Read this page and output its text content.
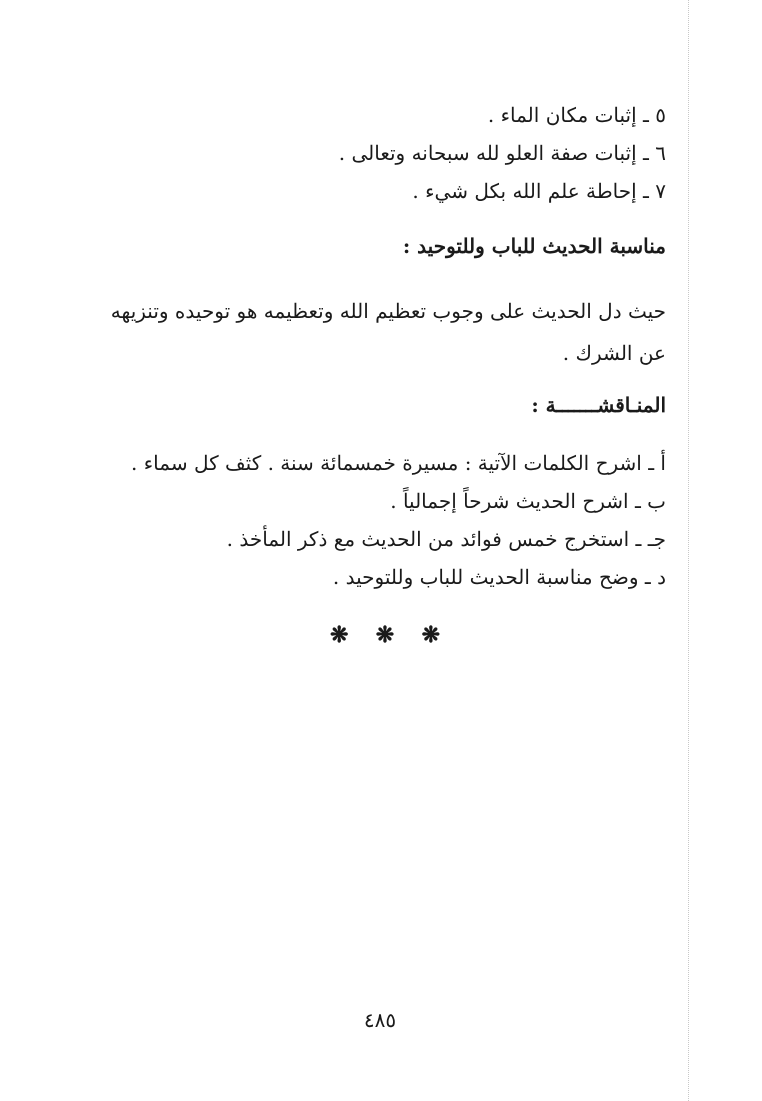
٥ ـ إثبات مكان الماء .
٦ ـ إثبات صفة العلو لله سبحانه وتعالى .
٧ ـ إحاطة علم الله بكل شيء .
مناسبة الحديث للباب وللتوحيد :
حيث دل الحديث على وجوب تعظيم الله وتعظيمه هو توحيده وتنزيهه عن الشرك .
المنـاقشـــــــة :
أ ـ اشرح الكلمات الآتية : مسيرة خمسمائة سنة . كثف كل سماء .
ب ـ اشرح الحديث شرحاً إجمالياً .
جـ ـ استخرج خمس فوائد من الحديث مع ذكر المأخذ .
د ـ وضح مناسبة الحديث للباب وللتوحيد .
❋ ❋ ❋
٤٨٥
